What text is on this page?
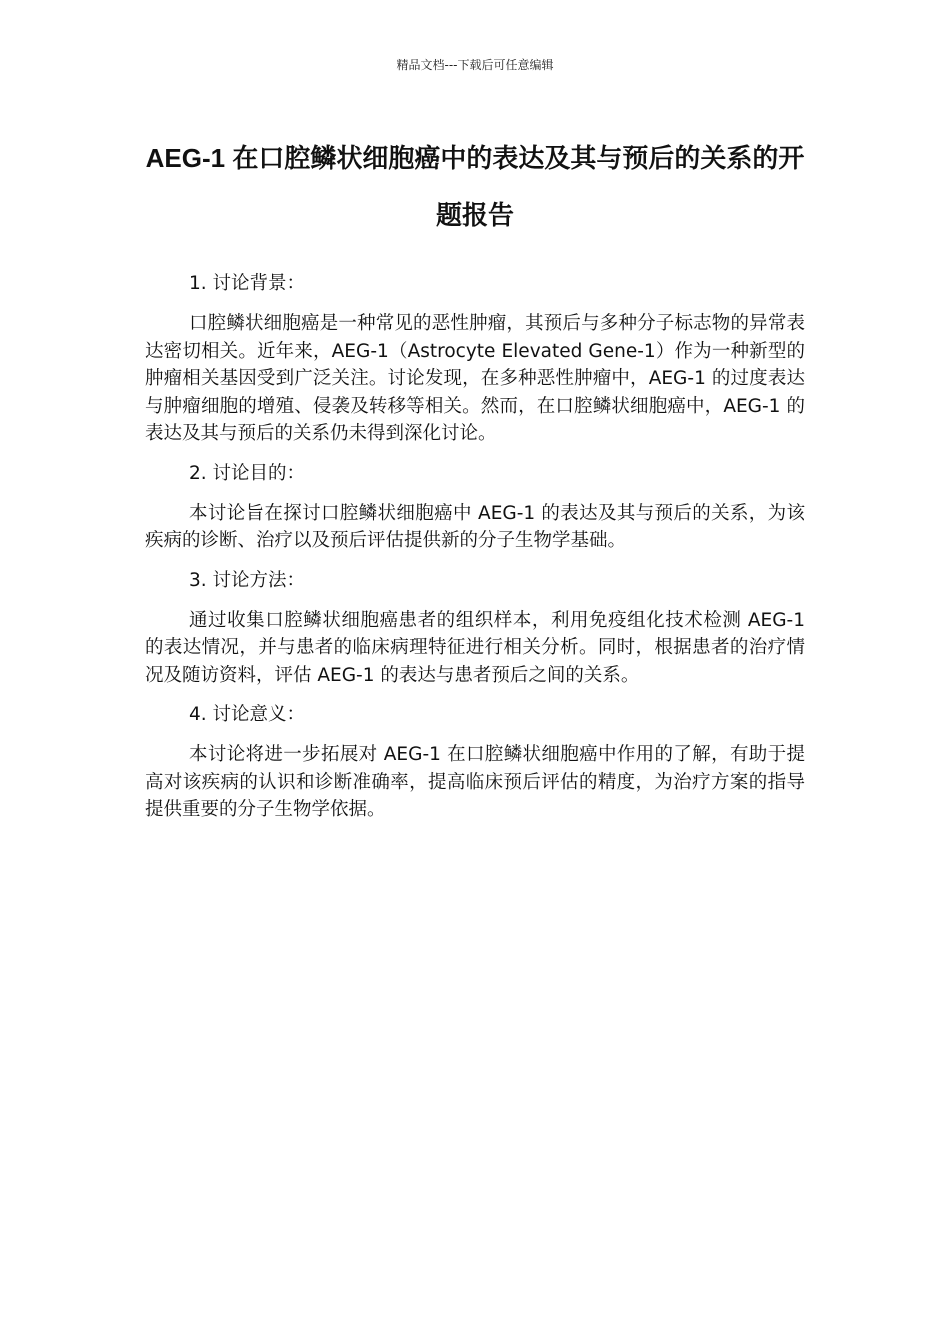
精品文档---下载后可任意编辑
AEG-1 在口腔鳞状细胞癌中的表达及其与预后的关系的开题报告

1. 讨论背景：

口腔鳞状细胞癌是一种常见的恶性肿瘤，其预后与多种分子标志物的异常表达密切相关。近年来，AEG-1（Astrocyte Elevated Gene-1）作为一种新型的肿瘤相关基因受到广泛关注。讨论发现，在多种恶性肿瘤中，AEG-1 的过度表达与肿瘤细胞的增殖、侵袭及转移等相关。然而，在口腔鳞状细胞癌中，AEG-1 的表达及其与预后的关系仍未得到深化讨论。

2. 讨论目的：

本讨论旨在探讨口腔鳞状细胞癌中 AEG-1 的表达及其与预后的关系，为该疾病的诊断、治疗以及预后评估提供新的分子生物学基础。

3. 讨论方法：

通过收集口腔鳞状细胞癌患者的组织样本，利用免疫组化技术检测 AEG-1 的表达情况，并与患者的临床病理特征进行相关分析。同时，根据患者的治疗情况及随访资料，评估 AEG-1 的表达与患者预后之间的关系。

4. 讨论意义：

本讨论将进一步拓展对 AEG-1 在口腔鳞状细胞癌中作用的了解，有助于提高对该疾病的认识和诊断准确率，提高临床预后评估的精度，为治疗方案的指导提供重要的分子生物学依据。
